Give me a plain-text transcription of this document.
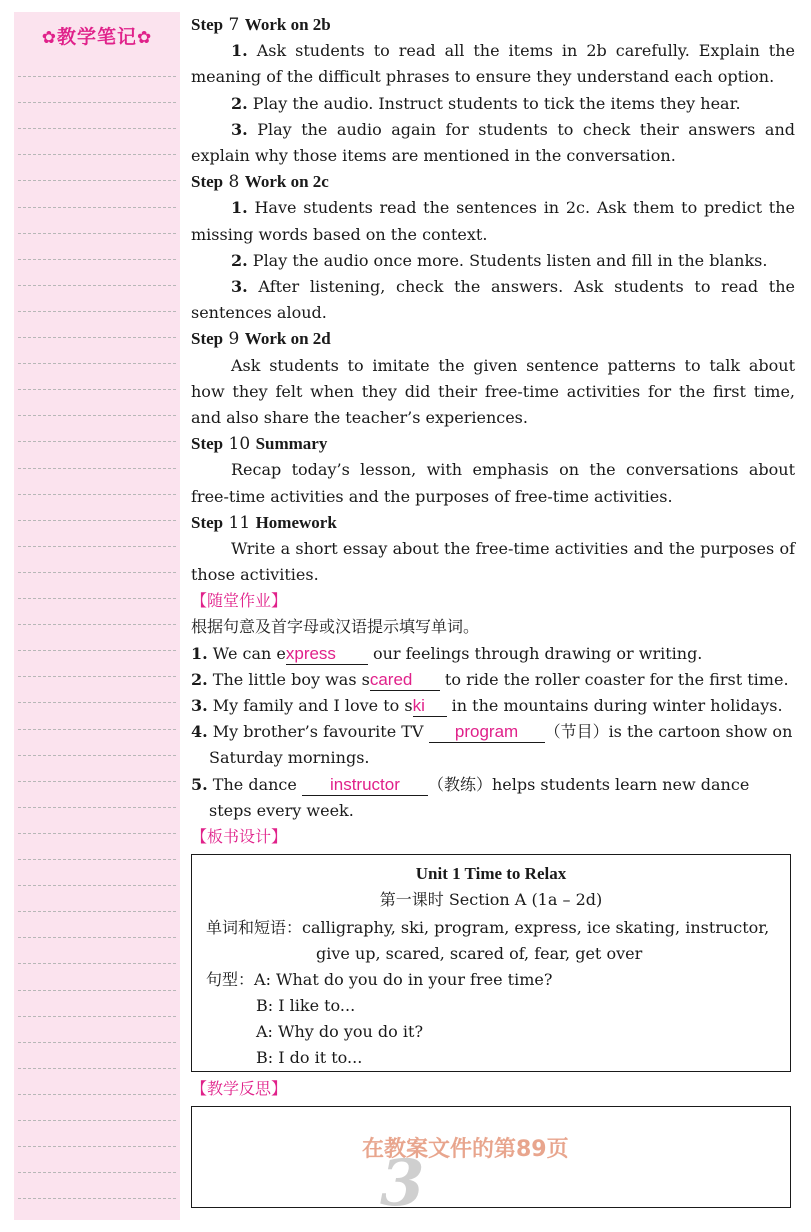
✿教学笔记✿

Step 7 Work on 2b

1. Ask students to read all the items in 2b carefully. Explain the meaning of the difficult phrases to ensure they understand each option.

2. Play the audio. Instruct students to tick the items they hear.

3. Play the audio again for students to check their answers and explain why those items are mentioned in the conversation.

Step 8 Work on 2c

1. Have students read the sentences in 2c. Ask them to predict the missing words based on the context.

2. Play the audio once more. Students listen and fill in the blanks.

3. After listening, check the answers. Ask students to read the sentences aloud.

Step 9 Work on 2d

Ask students to imitate the given sentence patterns to talk about how they felt when they did their free-time activities for the first time, and also share the teacher’s experiences.

Step 10 Summary

Recap today’s lesson, with emphasis on the conversations about free-time activities and the purposes of free-time activities.

Step 11 Homework

Write a short essay about the free-time activities and the purposes of those activities.

【随堂作业】

根据句意及首字母或汉语提示填写单词。

1. We can express our feelings through drawing or writing.

2. The little boy was scared to ride the roller coaster for the first time.

3. My family and I love to ski in the mountains during winter holidays.

4. My brother’s favourite TV program （节目）is the cartoon show on Saturday mornings.

5. The dance instructor （教练）helps students learn new dance steps every week.

【板书设计】

Unit 1 Time to Relax
第一课时 Section A (1a – 2d)
单词和短语：calligraphy, ski, program, express, ice skating, instructor,
give up, scared, scared of, fear, get over
句型：A: What do you do in your free time?
B: I like to...
A: Why do you do it?
B: I do it to...

【教学反思】

在教案文件的第89页
3
